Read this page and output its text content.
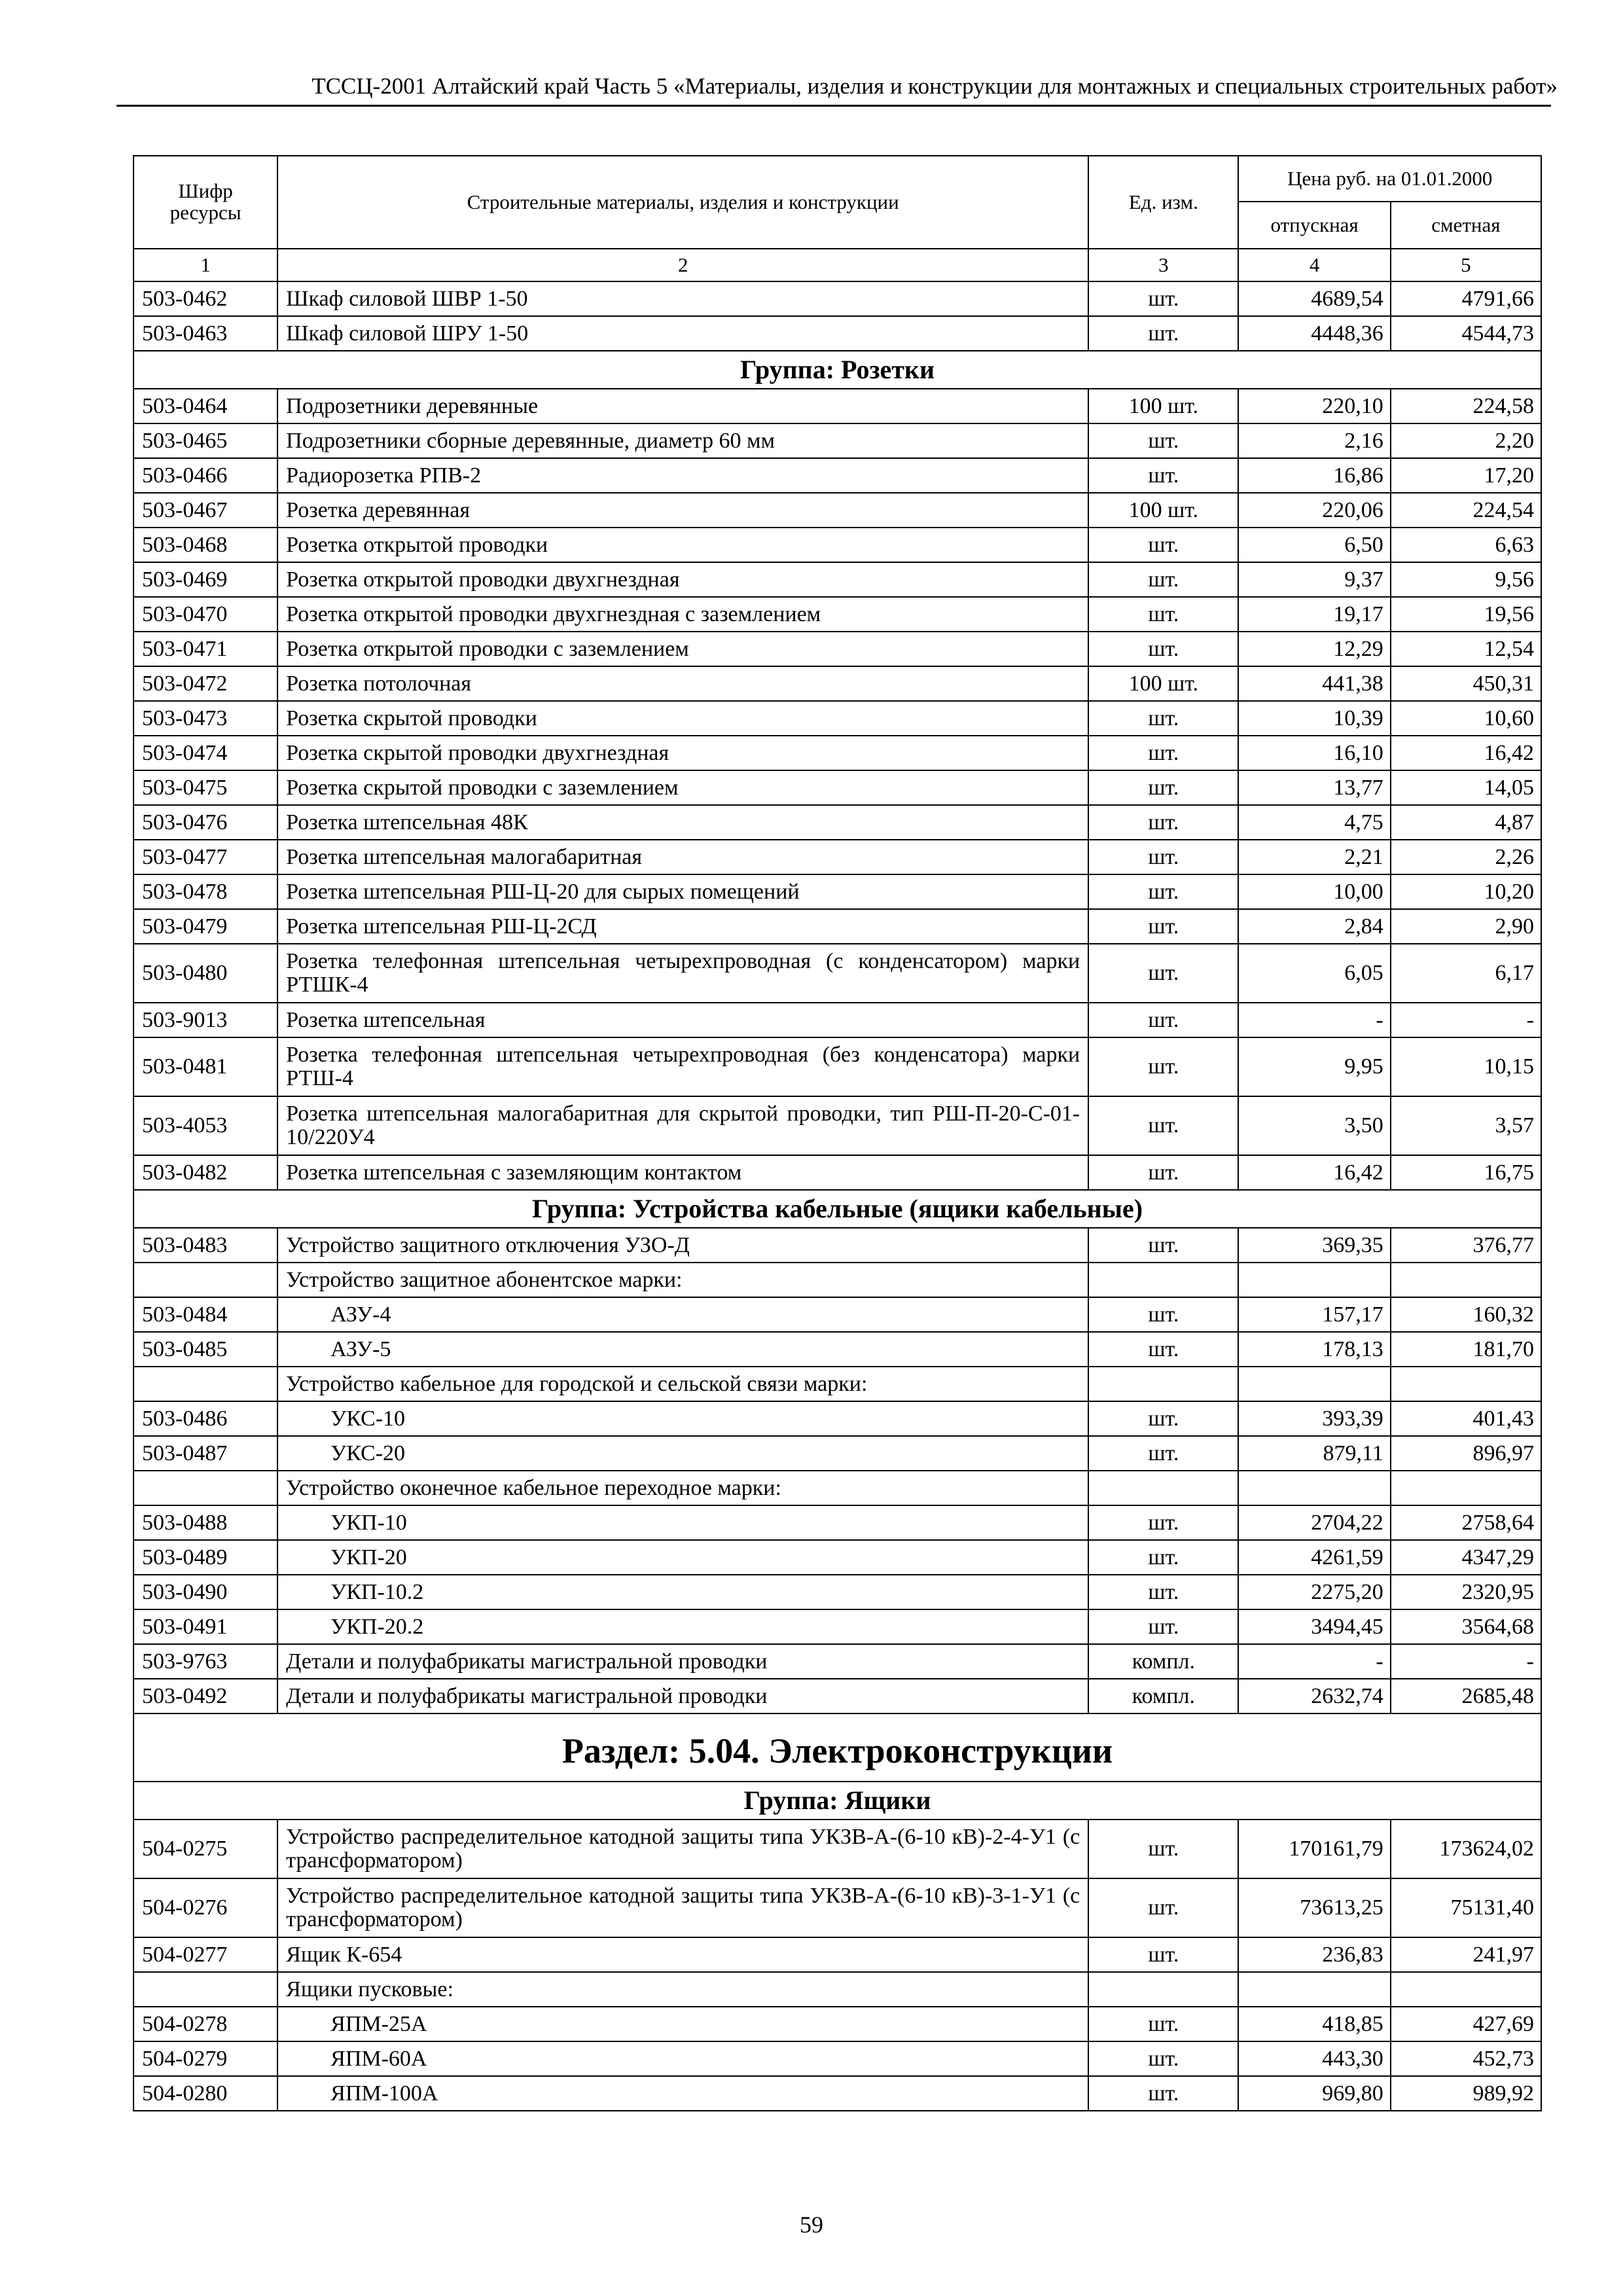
ТССЦ-2001 Алтайский край Часть 5 «Материалы, изделия и конструкции для монтажных и специальных строительных работ»
Шифр ресурсы	Строительные материалы, изделия и конструкции	Ед. изм.	Цена руб. на 01.01.2000	
			отпускная	сметная
1	2	3	4	5
503-0462	Шкаф силовой ШВР 1-50	шт.	4689,54	4791,66
503-0463	Шкаф силовой ШРУ 1-50	шт.	4448,36	4544,73
Группа: Розетки				
503-0464	Подрозетники деревянные	100 шт.	220,10	224,58
503-0465	Подрозетники сборные деревянные, диаметр 60 мм	шт.	2,16	2,20
503-0466	Радиорозетка РПВ-2	шт.	16,86	17,20
503-0467	Розетка деревянная	100 шт.	220,06	224,54
503-0468	Розетка открытой проводки	шт.	6,50	6,63
503-0469	Розетка открытой проводки двухгнездная	шт.	9,37	9,56
503-0470	Розетка открытой проводки двухгнездная с заземлением	шт.	19,17	19,56
503-0471	Розетка открытой проводки с заземлением	шт.	12,29	12,54
503-0472	Розетка потолочная	100 шт.	441,38	450,31
503-0473	Розетка скрытой проводки	шт.	10,39	10,60
503-0474	Розетка скрытой проводки двухгнездная	шт.	16,10	16,42
503-0475	Розетка скрытой проводки с заземлением	шт.	13,77	14,05
503-0476	Розетка штепсельная 48К	шт.	4,75	4,87
503-0477	Розетка штепсельная малогабаритная	шт.	2,21	2,26
503-0478	Розетка штепсельная РШ-Ц-20 для сырых помещений	шт.	10,00	10,20
503-0479	Розетка штепсельная РШ-Ц-2СД	шт.	2,84	2,90
503-0480	Розетка телефонная штепсельная четырехпроводная (с конденсатором) марки РТШК-4	шт.	6,05	6,17
503-9013	Розетка штепсельная	шт.	-	-
503-0481	Розетка телефонная штепсельная четырехпроводная (без конденсатора) марки РТШ-4	шт.	9,95	10,15
503-4053	Розетка штепсельная малогабаритная для скрытой проводки, тип РШ-П-20-С-01-10/220У4	шт.	3,50	3,57
503-0482	Розетка штепсельная с заземляющим контактом	шт.	16,42	16,75
Группа: Устройства кабельные (ящики кабельные)				
503-0483	Устройство защитного отключения УЗО-Д	шт.	369,35	376,77
	Устройство защитное абонентское марки:			
503-0484	АЗУ-4	шт.	157,17	160,32
503-0485	АЗУ-5	шт.	178,13	181,70
	Устройство кабельное для городской и сельской связи марки:			
503-0486	УКС-10	шт.	393,39	401,43
503-0487	УКС-20	шт.	879,11	896,97
	Устройство оконечное кабельное переходное марки:			
503-0488	УКП-10	шт.	2704,22	2758,64
503-0489	УКП-20	шт.	4261,59	4347,29
503-0490	УКП-10.2	шт.	2275,20	2320,95
503-0491	УКП-20.2	шт.	3494,45	3564,68
503-9763	Детали и полуфабрикаты магистральной проводки	компл.	-	-
503-0492	Детали и полуфабрикаты магистральной проводки	компл.	2632,74	2685,48
Раздел: 5.04. Электроконструкции				
Группа: Ящики				
504-0275	Устройство распределительное катодной защиты типа УКЗВ-А-(6-10 кВ)-2-4-У1 (с трансформатором)	шт.	170161,79	173624,02
504-0276	Устройство распределительное катодной защиты типа УКЗВ-А-(6-10 кВ)-3-1-У1 (с трансформатором)	шт.	73613,25	75131,40
504-0277	Ящик К-654	шт.	236,83	241,97
	Ящики пусковые:			
504-0278	ЯПМ-25А	шт.	418,85	427,69
504-0279	ЯПМ-60А	шт.	443,30	452,73
504-0280	ЯПМ-100А	шт.	969,80	989,92
59
